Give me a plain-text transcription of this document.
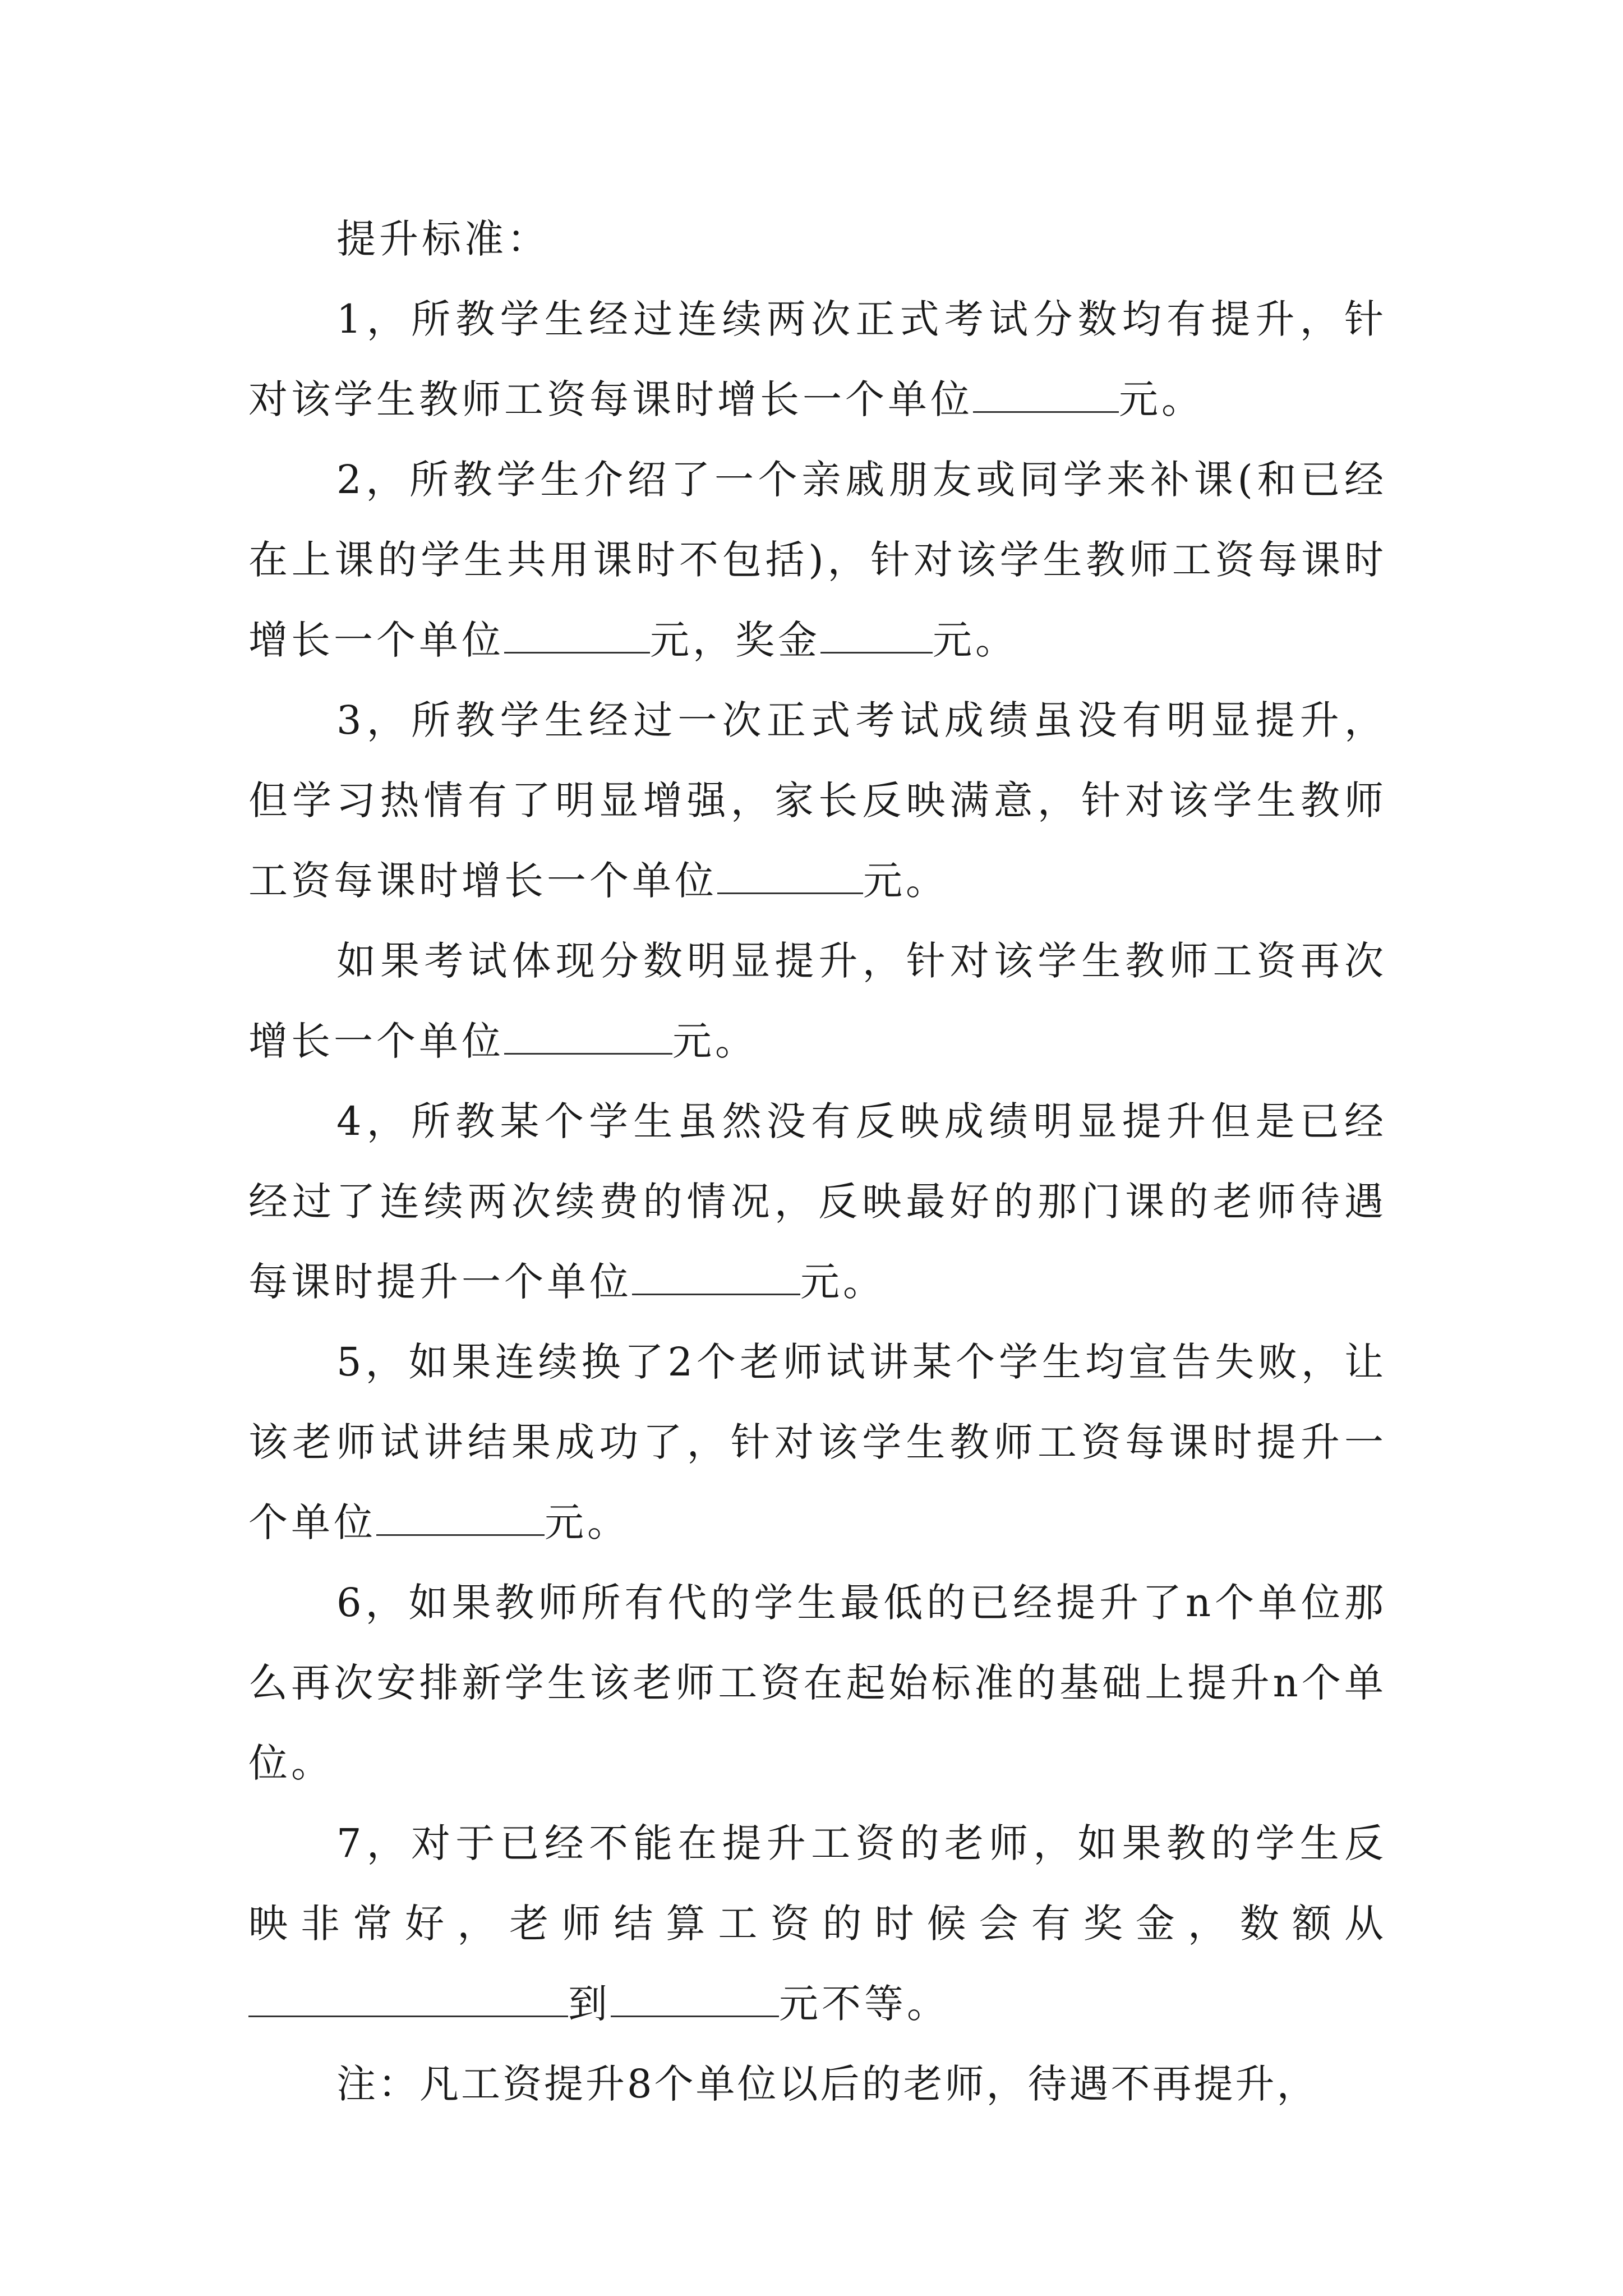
提升标准：

1，所教学生经过连续两次正式考试分数均有提升，针对该学生教师工资每课时增长一个单位	元。

2，所教学生介绍了一个亲戚朋友或同学来补课(和已经在上课的学生共用课时不包括)，针对该学生教师工资每课时增长一个单位	元，奖金	元。

3，所教学生经过一次正式考试成绩虽没有明显提升，但学习热情有了明显增强，家长反映满意，针对该学生教师工资每课时增长一个单位	元。

如果考试体现分数明显提升，针对该学生教师工资再次增长一个单位	元。

4，所教某个学生虽然没有反映成绩明显提升但是已经经过了连续两次续费的情况，反映最好的那门课的老师待遇每课时提升一个单位	元。

5，如果连续换了2个老师试讲某个学生均宣告失败，让该老师试讲结果成功了，针对该学生教师工资每课时提升一个单位	元。

6，如果教师所有代的学生最低的已经提升了n个单位那么再次安排新学生该老师工资在起始标准的基础上提升n个单位。

7，对于已经不能在提升工资的老师，如果教的学生反映非常好，老师结算工资的时候会有奖金，数额从到	元不等。

注：凡工资提升8个单位以后的老师，待遇不再提升，
